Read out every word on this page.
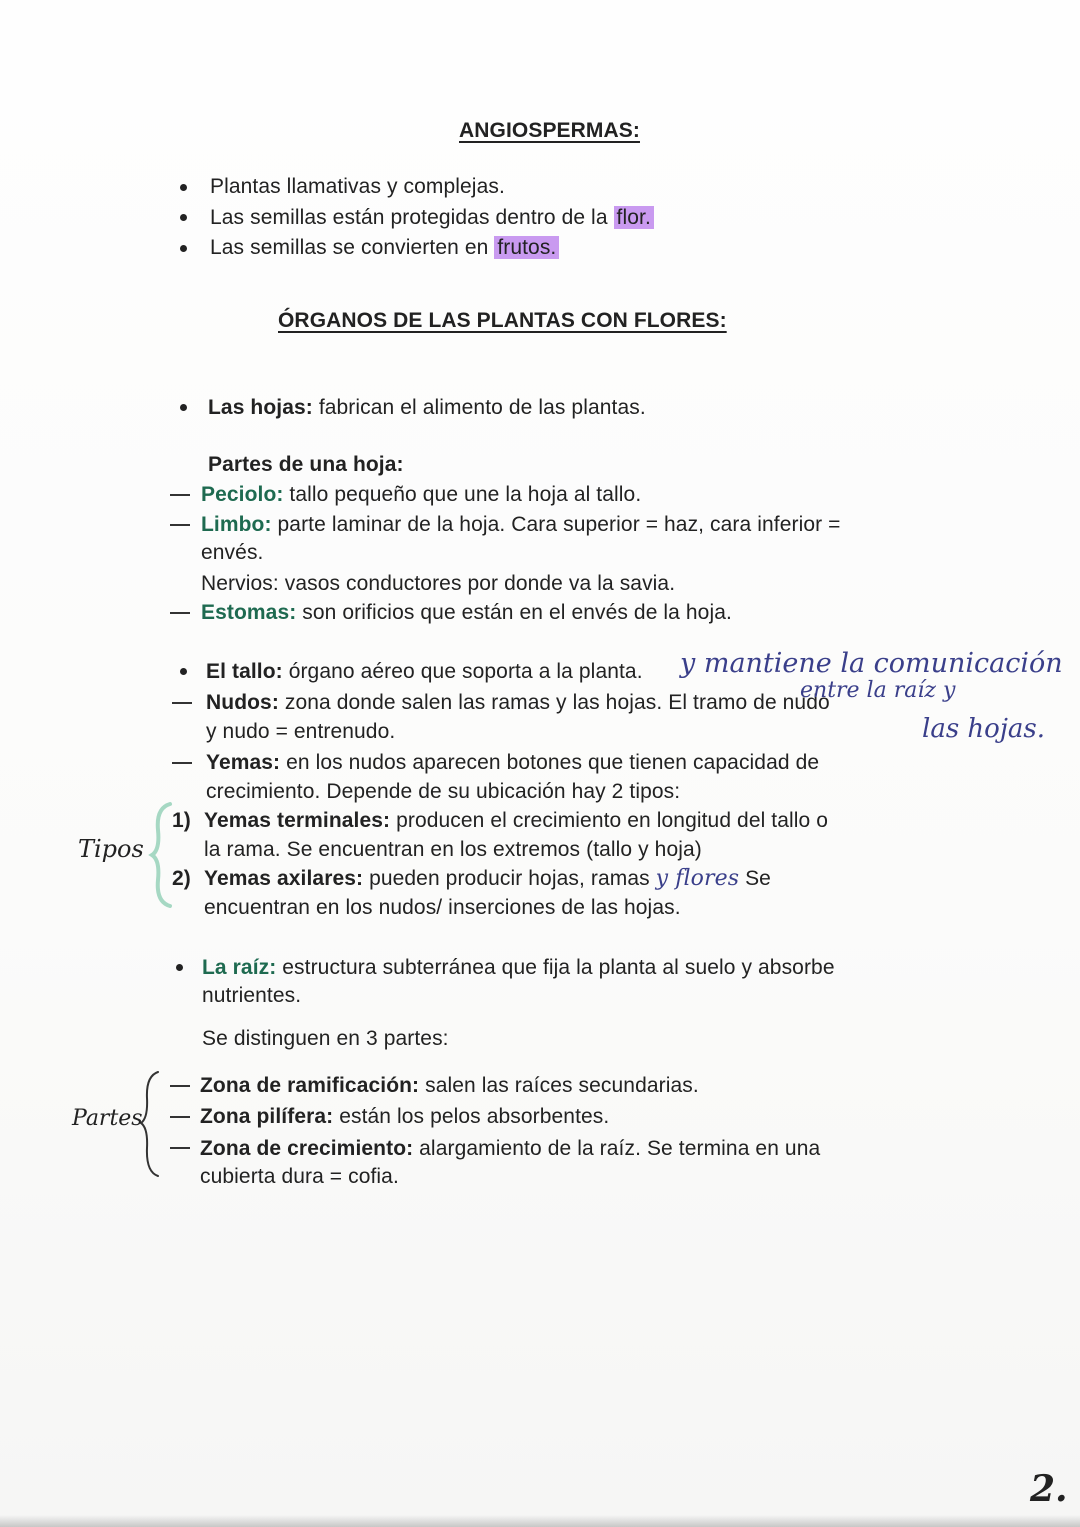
ANGIOSPERMAS:
Plantas llamativas y complejas.
Las semillas están protegidas dentro de la flor.
Las semillas se convierten en frutos.
ÓRGANOS DE LAS PLANTAS CON FLORES:
Las hojas: fabrican el alimento de las plantas.
Partes de una hoja:
Peciolo: tallo pequeño que une la hoja al tallo.
Limbo: parte laminar de la hoja. Cara superior = haz, cara inferior =
envés.
Nervios: vasos conductores por donde va la savia.
Estomas: son orificios que están en el envés de la hoja.
El tallo: órgano aéreo que soporta a la planta. y mantiene la comunicación
Nudos: zona donde salen las ramas y las hojas. El tramo de nudo
entre la raíz y
y nudo = entrenudo.	las hojas.
Yemas: en los nudos aparecen botones que tienen capacidad de
crecimiento. Depende de su ubicación hay 2 tipos:
Tipos
1) Yemas terminales: producen el crecimiento en longitud del tallo o
la rama. Se encuentran en los extremos (tallo y hoja)
2) Yemas axilares: pueden producir hojas, ramas y flores Se
encuentran en los nudos/ inserciones de las hojas.
La raíz: estructura subterránea que fija la planta al suelo y absorbe
nutrientes.
Se distinguen en 3 partes:
Partes
Zona de ramificación: salen las raíces secundarias.
Zona pilífera: están los pelos absorbentes.
Zona de crecimiento: alargamiento de la raíz. Se termina en una
cubierta dura = cofia.
2.
